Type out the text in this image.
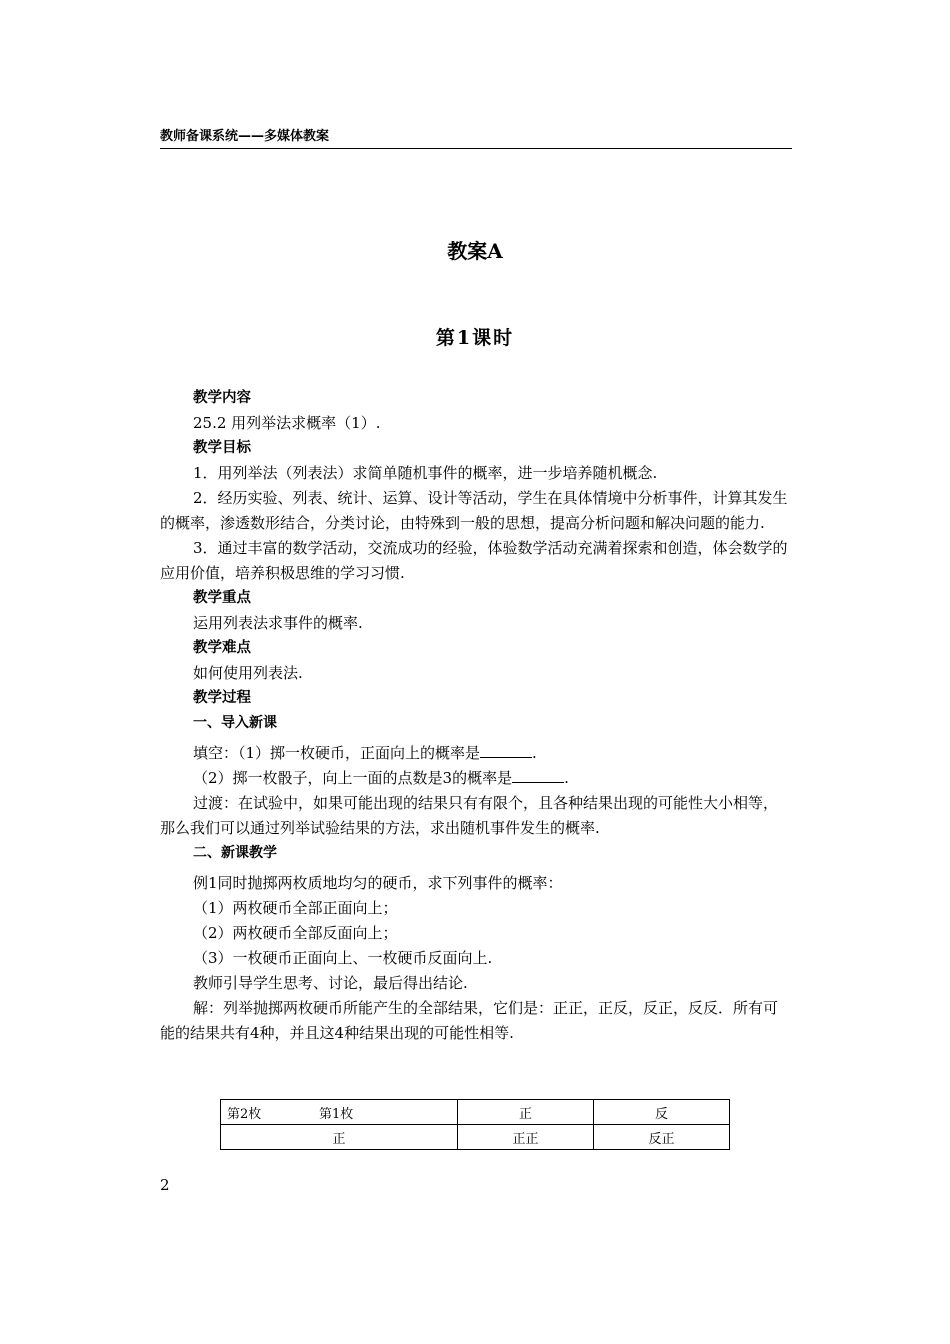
教师备课系统——多媒体教案
教案A
第1课时

教学内容

25.2 用列举法求概率（1）.

教学目标

1．用列举法（列表法）求简单随机事件的概率，进一步培养随机概念.

2．经历实验、列表、统计、运算、设计等活动，学生在具体情境中分析事件，计算其发生的概率，渗透数形结合，分类讨论，由特殊到一般的思想，提高分析问题和解决问题的能力.

3．通过丰富的数学活动，交流成功的经验，体验数学活动充满着探索和创造，体会数学的应用价值，培养积极思维的学习习惯.

教学重点

运用列表法求事件的概率.

教学难点

如何使用列表法.

教学过程

一、导入新课

填空：（1）掷一枚硬币，正面向上的概率是	.

（2）掷一枚骰子，向上一面的点数是3的概率是	.

过渡：在试验中，如果可能出现的结果只有有限个，且各种结果出现的可能性大小相等，那么我们可以通过列举试验结果的方法，求出随机事件发生的概率.

二、新课教学

例1同时抛掷两枚质地均匀的硬币，求下列事件的概率：

（1）两枚硬币全部正面向上；

（2）两枚硬币全部反面向上；

（3）一枚硬币正面向上、一枚硬币反面向上.

教师引导学生思考、讨论，最后得出结论.

解：列举抛掷两枚硬币所能产生的全部结果，它们是：正正，正反，反正，反反．所有可能的结果共有4种，并且这4种结果出现的可能性相等.

第2枚 第1枚	正	反
正	正正	反正
2
